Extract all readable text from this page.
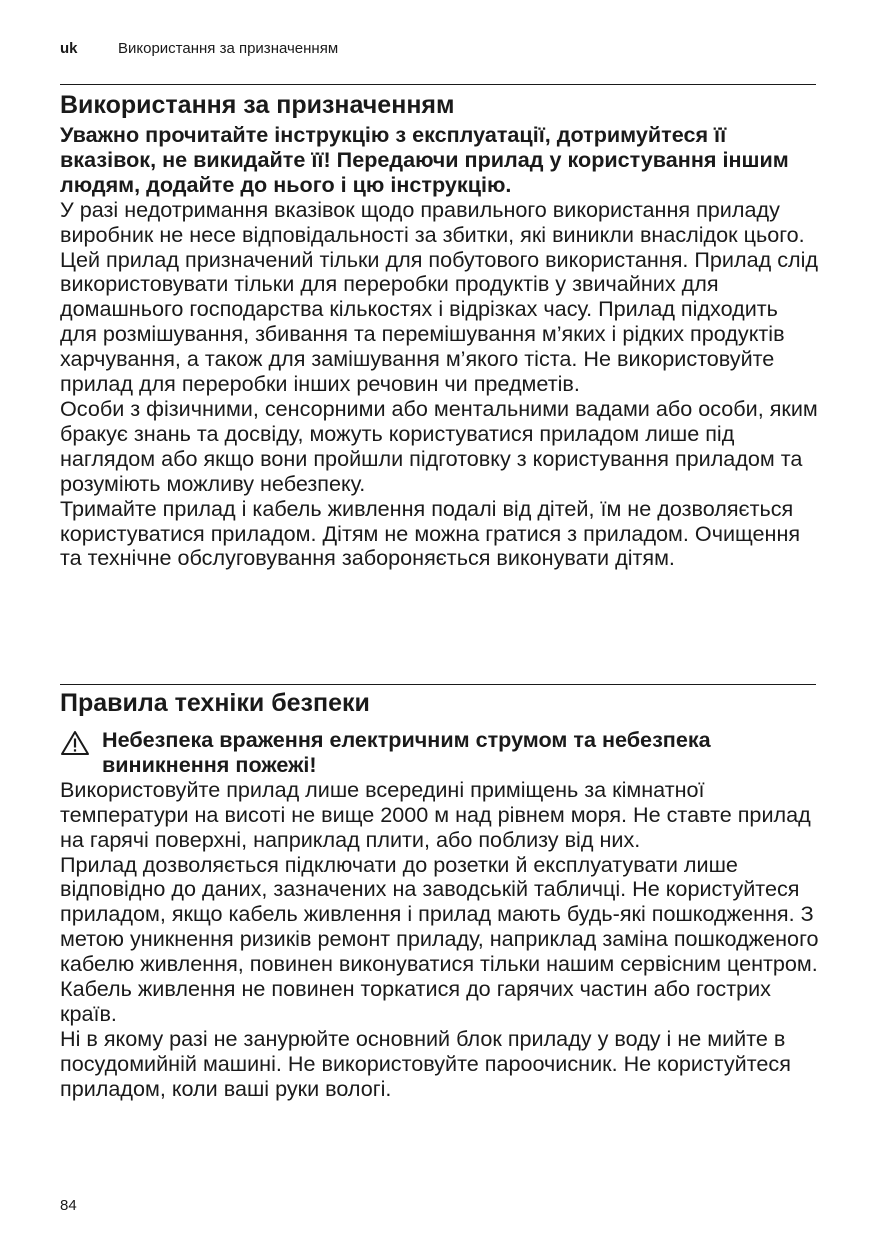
uk	Використання за призначенням
Використання за призначенням

Уважно прочитайте інструкцію з експлуатації, дотримуйтеся її вказівок, не викидайте її! Передаючи прилад у користування іншим людям, додайте до нього і цю інструкцію.

У разі недотримання вказівок щодо правильного використання приладу виробник не несе відповідальності за збитки, які виникли внаслідок цього.

Цей прилад призначений тільки для побутового використання. Прилад слід використовувати тільки для переробки продуктів у звичайних для домашнього господарства кількостях і відрізках часу. Прилад підходить для розмішування, збивання та перемішування м’яких і рідких продуктів харчування, а також для замішування м’якого тіста. Не використовуйте прилад для переробки інших речовин чи предметів.

Особи з фізичними, сенсорними або ментальними вадами або особи, яким бракує знань та досвіду, можуть користуватися приладом лише під наглядом або якщо вони пройшли підготовку з користування приладом та розуміють можливу небезпеку.

Тримайте прилад і кабель живлення подалі від дітей, їм не дозволяється користуватися приладом. Дітям не можна гратися з приладом. Очищення та технічне обслуговування забороняється виконувати дітям.

Правила техніки безпеки
Небезпека враження електричним струмом та небезпека виникнення пожежі!

Використовуйте прилад лише всередині приміщень за кімнатної температури на висоті не вище 2000 м над рівнем моря. Не ставте прилад на гарячі поверхні, наприклад плити, або поблизу від них.

Прилад дозволяється підключати до розетки й експлуатувати лише відповідно до даних, зазначених на заводській табличці. Не користуйтеся приладом, якщо кабель живлення і прилад мають будь-які пошкодження. З метою уникнення ризиків ремонт приладу, наприклад заміна пошкодженого кабелю живлення, повинен виконуватися тільки нашим сервісним центром.

Кабель живлення не повинен торкатися до гарячих частин або гострих країв.

Ні в якому разі не занурюйте основний блок приладу у воду і не мийте в посудомийній машині. Не використовуйте пароочисник. Не користуйтеся приладом, коли ваші руки вологі.

84
